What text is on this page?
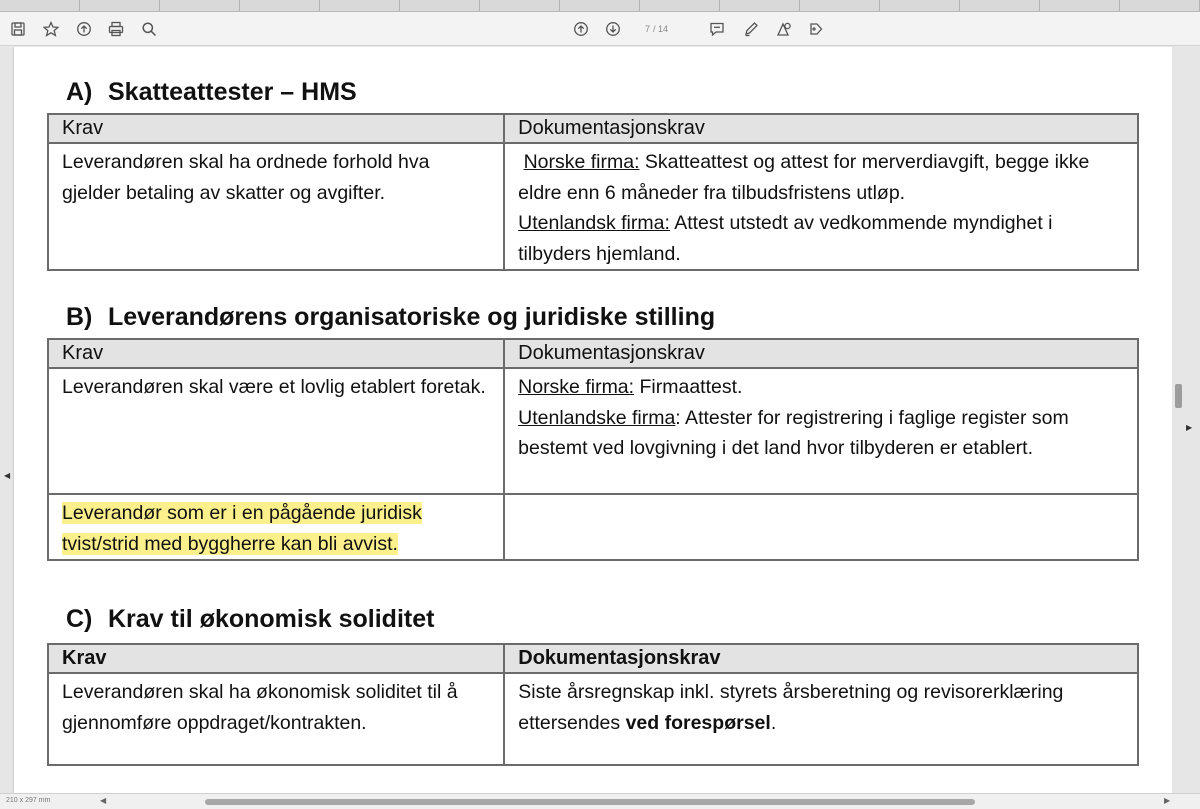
7
/ 14
◀
A) Skatteattester – HMS
Krav	Dokumentasjonskrav
Leverandøren skal ha ordnede forhold hva gjelder betaling av skatter og avgifter.	Norske firma: Skatteattest og attest for merverdiavgift, begge ikke eldre enn 6 måneder fra tilbudsfristens utløp.
Utenlandsk firma: Attest utstedt av vedkommende myndighet i tilbyders hjemland.
B) Leverandørens organisatoriske og juridiske stilling
Krav	Dokumentasjonskrav
Leverandøren skal være et lovlig etablert foretak.	Norske firma: Firmaattest.
Utenlandske firma: Attester for registrering i faglige register som bestemt ved lovgivning i det land hvor tilbyderen er etablert.
Leverandør som er i en pågående juridisk tvist/strid med byggherre kan bli avvist.	
C) Krav til økonomisk soliditet
Krav	Dokumentasjonskrav
Leverandøren skal ha økonomisk soliditet til å gjennomføre oppdraget/kontrakten.	Siste årsregnskap inkl. styrets årsberetning og revisorerklæring ettersendes ved forespørsel.
▶
210 x 297 mm	◀	▶
